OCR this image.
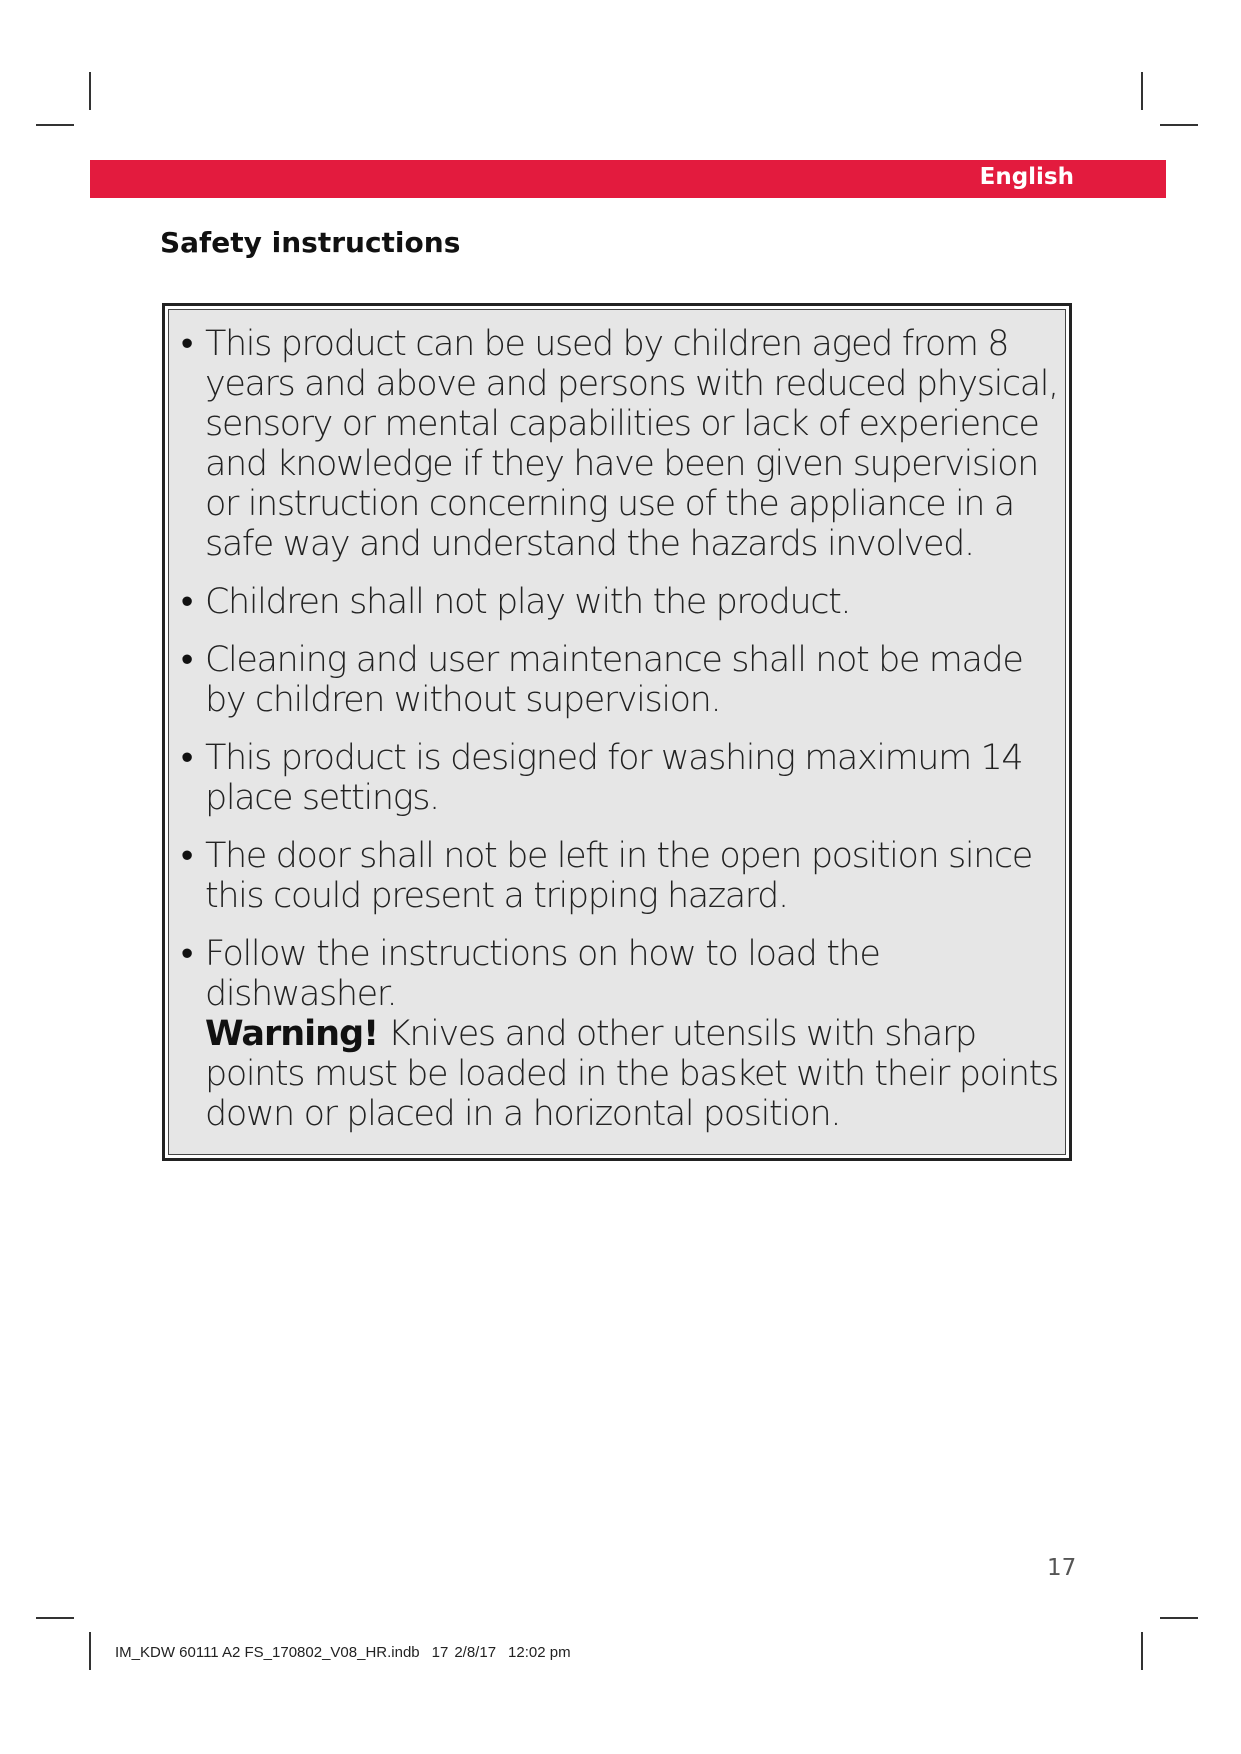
English
Safety instructions
• This product can be used by children aged from 8 years and above and persons with reduced physical, sensory or mental capabilities or lack of experience and knowledge if they have been given supervision or instruction concerning use of the appliance in a safe way and understand the hazards involved.
• Children shall not play with the product.
• Cleaning and user maintenance shall not be made by children without supervision.
• This product is designed for washing maximum 14 place settings.
• The door shall not be left in the open position since this could present a tripping hazard.
• Follow the instructions on how to load the dishwasher.
Warning! Knives and other utensils with sharp points must be loaded in the basket with their points down or placed in a horizontal position.
17
IM_KDW 60111 A2 FS_170802_V08_HR.indb 17 2/8/17 12:02 pm
